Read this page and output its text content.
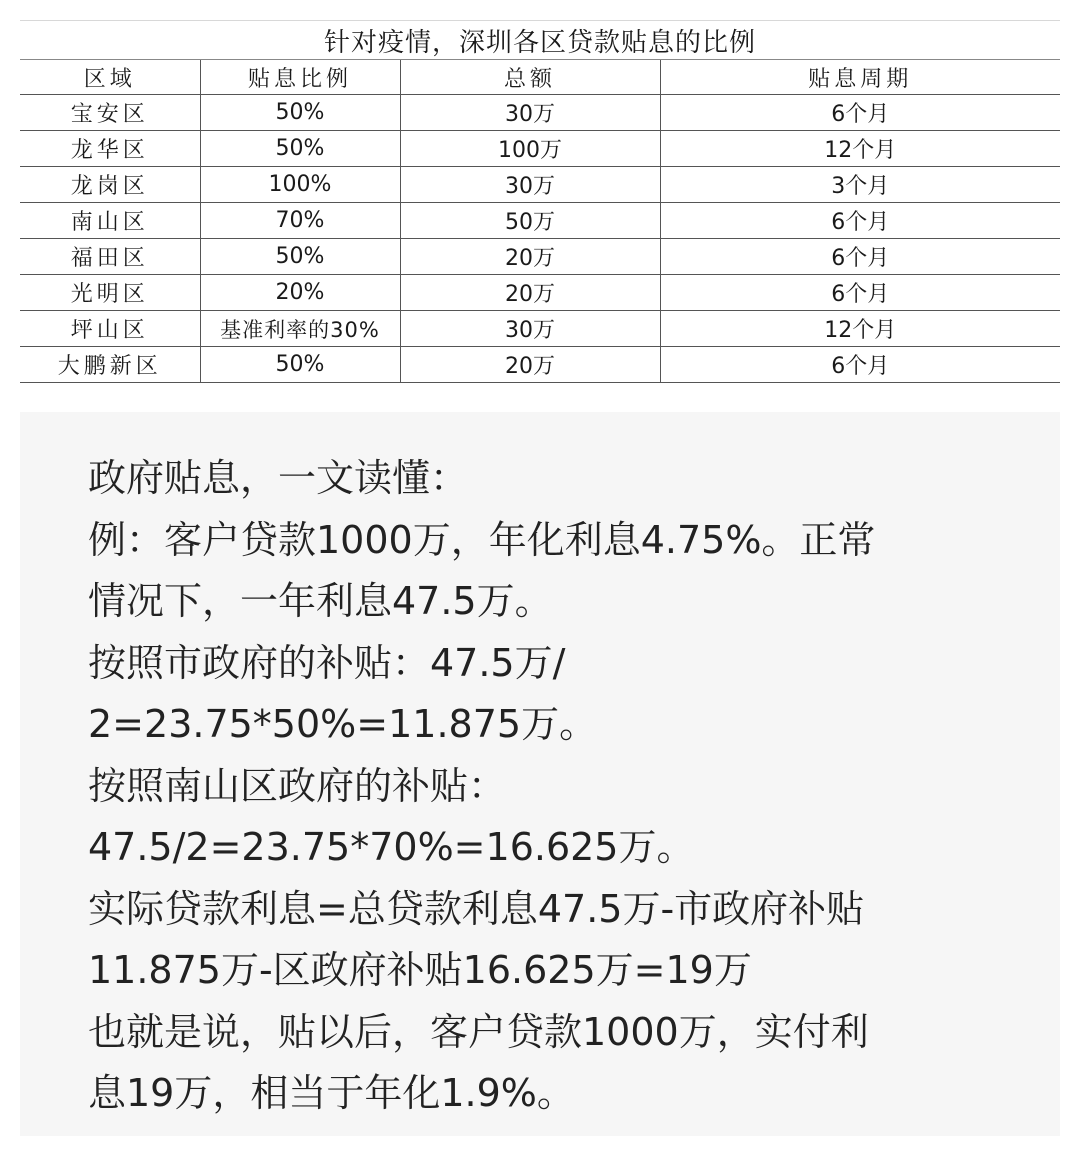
针对疫情，深圳各区贷款贴息的比例			
区域	贴息比例	总额	贴息周期
宝安区	50%	30万	6个月
龙华区	50%	100万	12个月
龙岗区	100%	30万	3个月
南山区	70%	50万	6个月
福田区	50%	20万	6个月
光明区	20%	20万	6个月
坪山区	基准利率的30%	30万	12个月
大鹏新区	50%	20万	6个月
政府贴息，一文读懂：
例：客户贷款1000万，年化利息4.75%。正常
情况下，一年利息47.5万。
按照市政府的补贴：47.5万/
2=23.75*50%=11.875万。
按照南山区政府的补贴：
47.5/2=23.75*70%=16.625万。
实际贷款利息=总贷款利息47.5万-市政府补贴
11.875万-区政府补贴16.625万=19万
也就是说，贴以后，客户贷款1000万，实付利
息19万，相当于年化1.9%。
